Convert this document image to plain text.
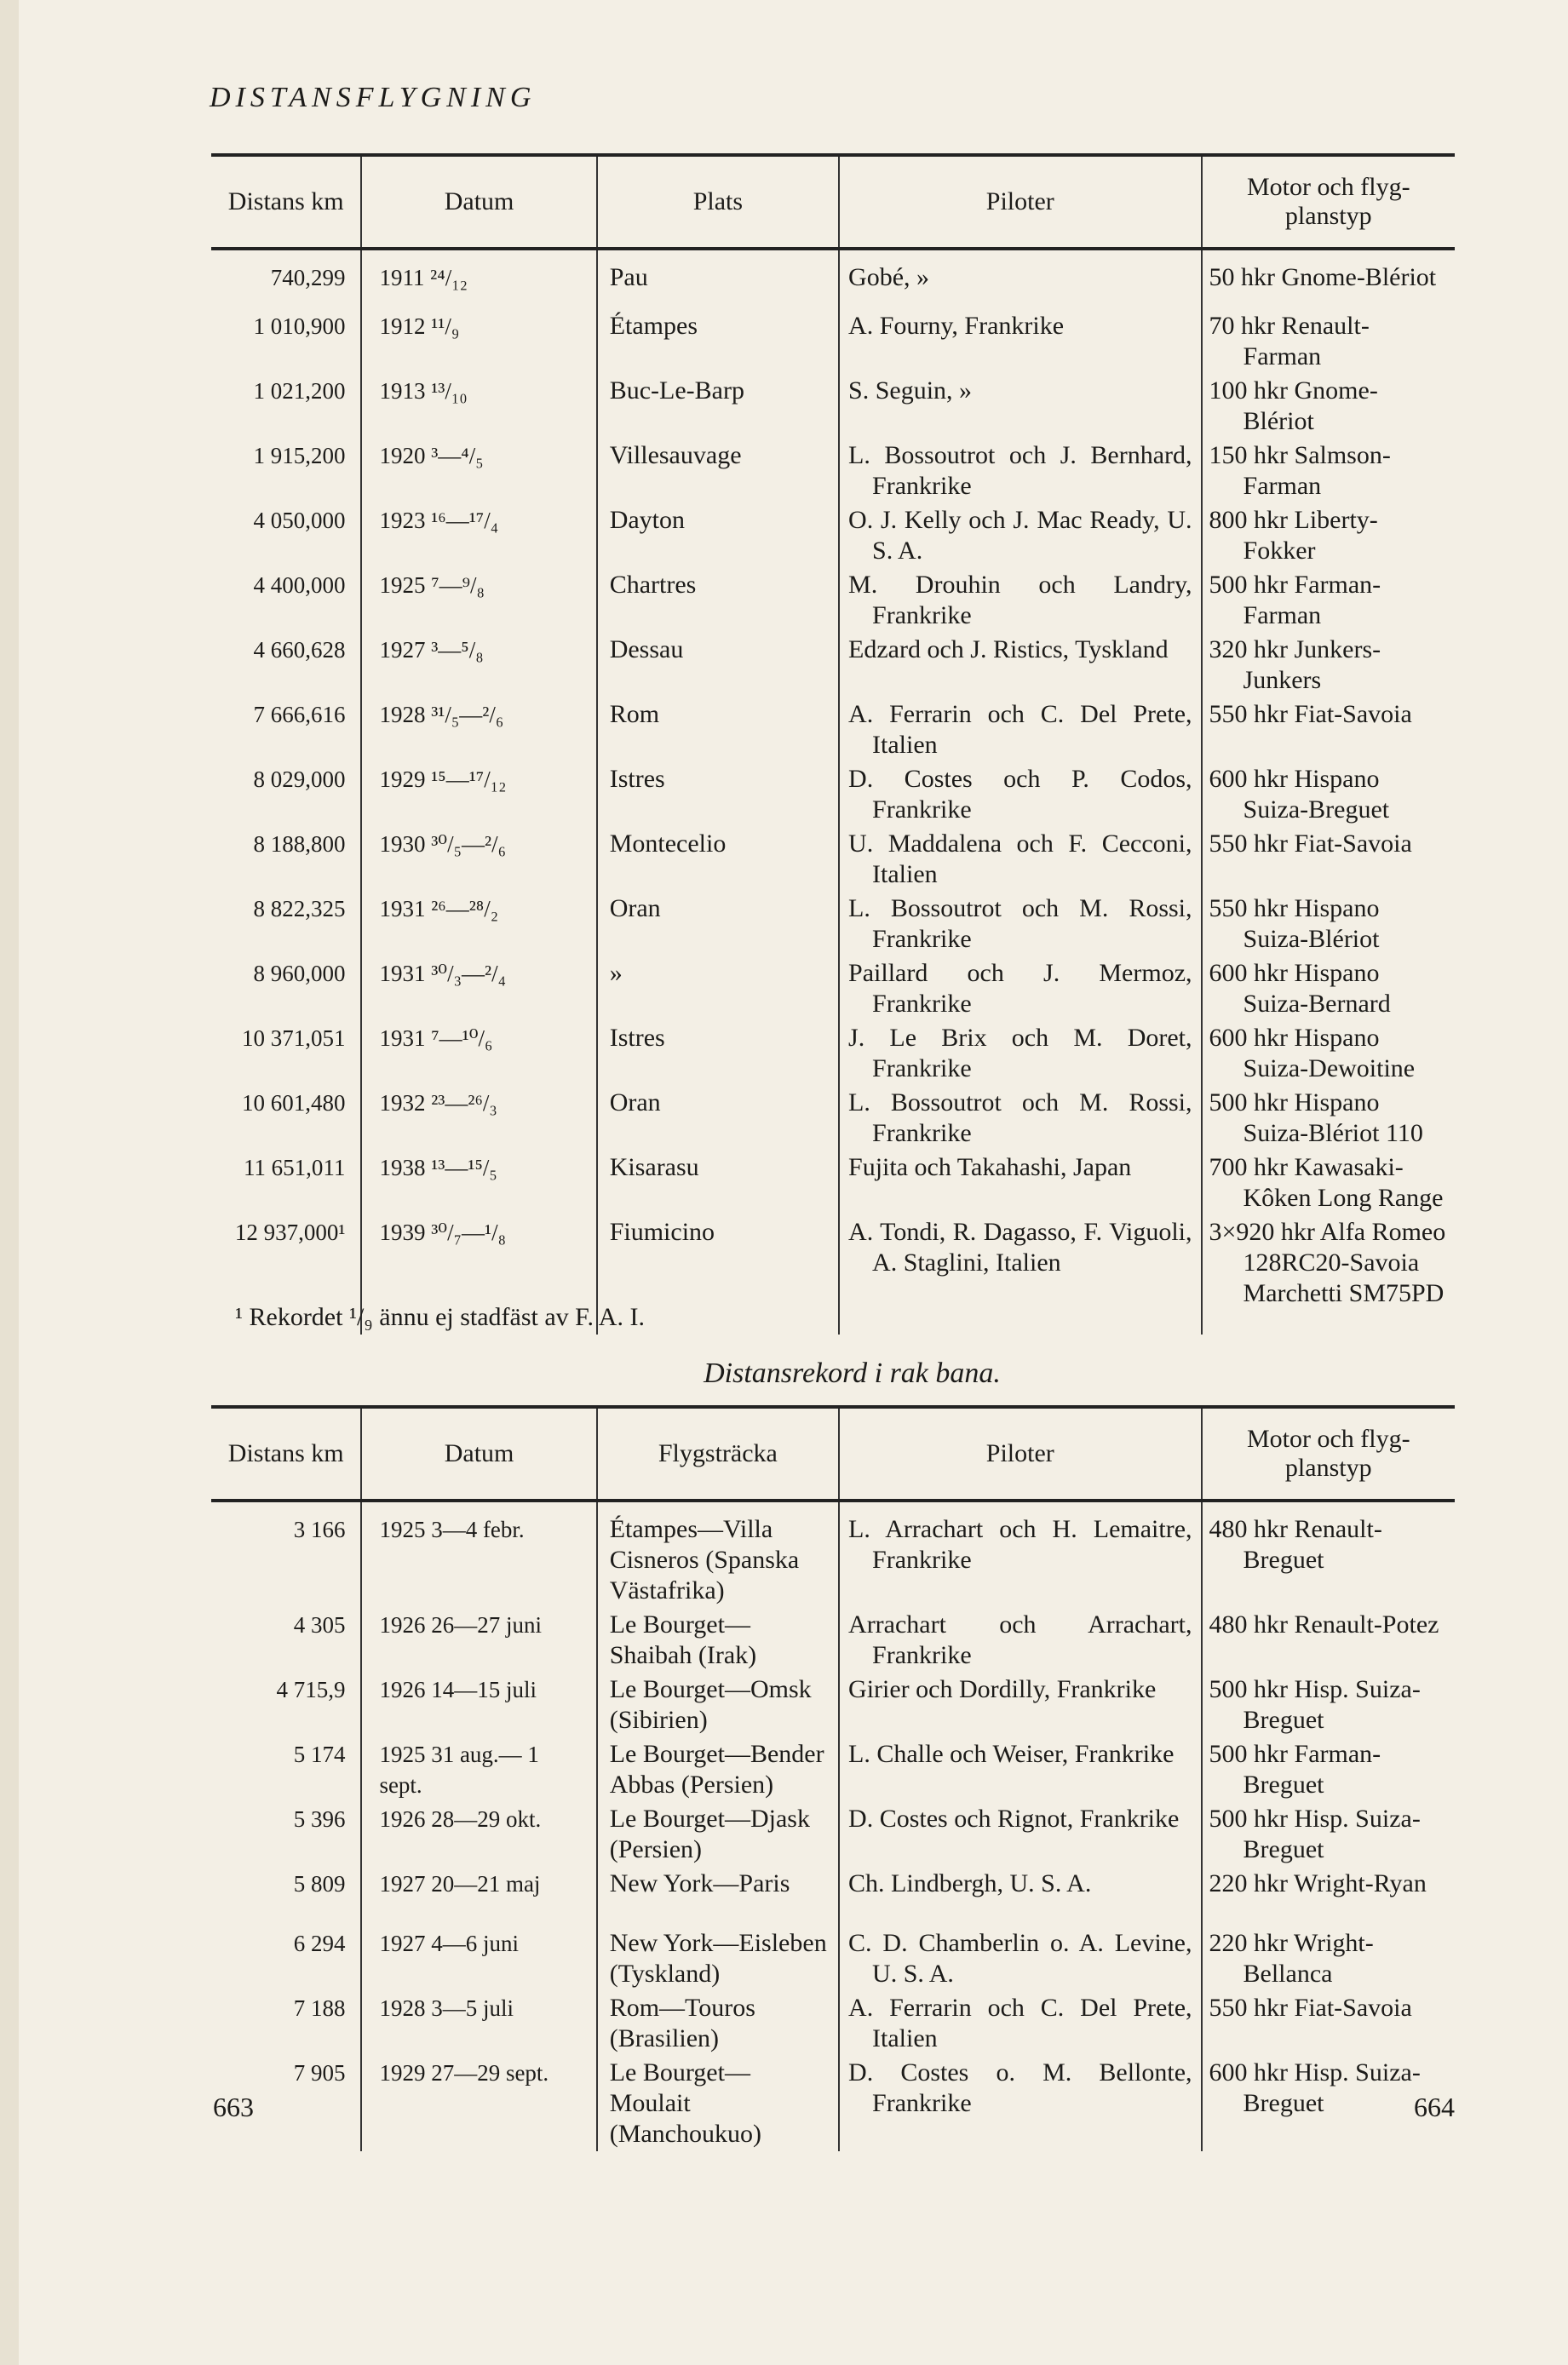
DISTANSFLYGNING
Distans km	Datum	Plats	Piloter	Motor och flygplanstyp
740,299	1911 ²⁴/₁₂	Pau	Gobé, »	50 hkr Gnome-Blériot
1 010,900	1912 ¹¹/₉	Étampes	A. Fourny, Frankrike	70 hkr Renault-Farman
1 021,200	1913 ¹³/₁₀	Buc-Le-Barp	S. Seguin, »	100 hkr Gnome-Blériot
1 915,200	1920 ³—⁴/₅	Villesauvage	L. Bossoutrot och J. Bernhard, Frankrike	150 hkr Salmson-Farman
4 050,000	1923 ¹⁶—¹⁷/₄	Dayton	O. J. Kelly och J. Mac Ready, U. S. A.	800 hkr Liberty-Fokker
4 400,000	1925 ⁷—⁹/₈	Chartres	M. Drouhin och Landry, Frankrike	500 hkr Farman-Farman
4 660,628	1927 ³—⁵/₈	Dessau	Edzard och J. Ristics, Tyskland	320 hkr Junkers-Junkers
7 666,616	1928 ³¹/₅—²/₆	Rom	A. Ferrarin och C. Del Prete, Italien	550 hkr Fiat-Savoia
8 029,000	1929 ¹⁵—¹⁷/₁₂	Istres	D. Costes och P. Codos, Frankrike	600 hkr Hispano Suiza-Breguet
8 188,800	1930 ³⁰/₅—²/₆	Montecelio	U. Maddalena och F. Cecconi, Italien	550 hkr Fiat-Savoia
8 822,325	1931 ²⁶—²⁸/₂	Oran	L. Bossoutrot och M. Rossi, Frankrike	550 hkr Hispano Suiza-Blériot
8 960,000	1931 ³⁰/₃—²/₄	»	Paillard och J. Mermoz, Frankrike	600 hkr Hispano Suiza-Bernard
10 371,051	1931 ⁷—¹⁰/₆	Istres	J. Le Brix och M. Doret, Frankrike	600 hkr Hispano Suiza-Dewoitine
10 601,480	1932 ²³—²⁶/₃	Oran	L. Bossoutrot och M. Rossi, Frankrike	500 hkr Hispano Suiza-Blériot 110
11 651,011	1938 ¹³—¹⁵/₅	Kisarasu	Fujita och Takahashi, Japan	700 hkr Kawasaki-Kôken Long Range
12 937,000¹	1939 ³⁰/₇—¹/₈	Fiumicino	A. Tondi, R. Dagasso, F. Viguoli, A. Staglini, Italien	3×920 hkr Alfa Romeo 128RC20-Savoia Marchetti SM75PD
¹ Rekordet ¹/₉ ännu ej stadfäst av F. A. I.
Distansrekord i rak bana.
Distans km	Datum	Flygsträcka	Piloter	Motor och flygplanstyp
3 166	1925 3—4 febr.	Étampes—Villa Cisneros (Spanska Västafrika)	L. Arrachart och H. Lemaitre, Frankrike	480 hkr Renault-Breguet
4 305	1926 26—27 juni	Le Bourget—Shaibah (Irak)	Arrachart och Arrachart, Frankrike	480 hkr Renault-Potez
4 715,9	1926 14—15 juli	Le Bourget—Omsk (Sibirien)	Girier och Dordilly, Frankrike	500 hkr Hisp. Suiza-Breguet
5 174	1925 31 aug.— 1 sept.	Le Bourget—Bender Abbas (Persien)	L. Challe och Weiser, Frankrike	500 hkr Farman-Breguet
5 396	1926 28—29 okt.	Le Bourget—Djask (Persien)	D. Costes och Rignot, Frankrike	500 hkr Hisp. Suiza-Breguet
5 809	1927 20—21 maj	New York—Paris	Ch. Lindbergh, U. S. A.	220 hkr Wright-Ryan
6 294	1927 4—6 juni	New York—Eisleben (Tyskland)	C. D. Chamberlin o. A. Levine, U. S. A.	220 hkr Wright-Bellanca
7 188	1928 3—5 juli	Rom—Touros (Brasilien)	A. Ferrarin och C. Del Prete, Italien	550 hkr Fiat-Savoia
7 905	1929 27—29 sept.	Le Bourget—Moulait (Manchoukuo)	D. Costes o. M. Bellonte, Frankrike	600 hkr Hisp. Suiza-Breguet
663	664
